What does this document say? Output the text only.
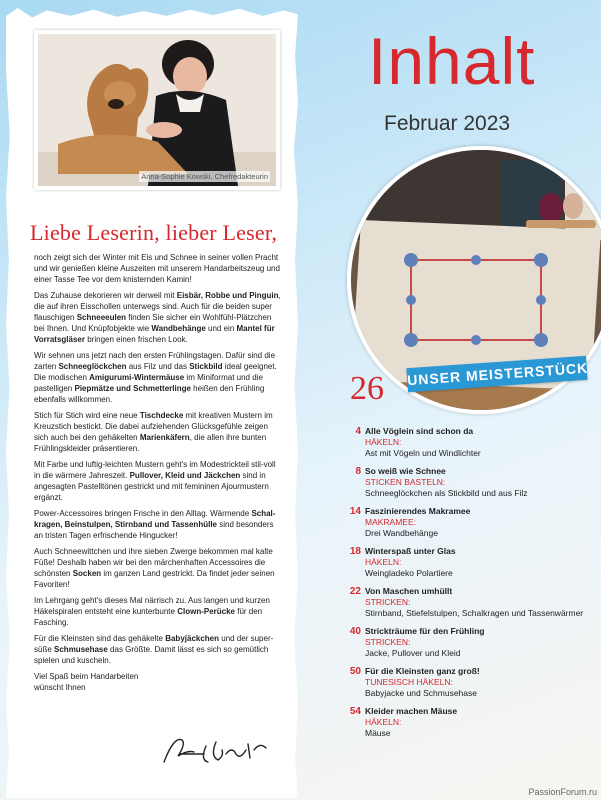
Anna-Sophie Kowski, Chefredakteurin
Liebe Leserin, lieber Leser,

noch zeigt sich der Winter mit Eis und Schnee in seiner vollen Pracht und wir genießen kleine Auszeiten mit unserem Handarbeitszeug und einer Tasse Tee vor dem knisternden Kamin!

Das Zuhause dekorieren wir derweil mit Eisbär, Robbe und Pinguin, die auf ihren Eisschollen unterwegs sind. Auch für die beiden super flauschigen Schneeeulen finden Sie sicher ein Wohlfühl-Plätzchen bei Ihnen. Und Knüpfobjekte wie Wandbehänge und ein Mantel für Vorratsgläser bringen einen frischen Look.

Wir sehnen uns jetzt nach den ersten Frühlingstagen. Dafür sind die zarten Schneeglöckchen aus Filz und das Stickbild ideal geeignet. Die modischen Amigurumi-Wintermäuse im Miniformat und die pastelligen Piepmätze und Schmetterlinge heißen den Frühling ebenfalls willkommen.

Stich für Stich wird eine neue Tischdecke mit kreativen Mustern im Kreuzstich bestickt. Die dabei aufziehenden Glücksgefühle zeigen sich auch bei den gehäkelten Marienkäfern, die allen ihre bunten Frühlingskleider präsentieren.

Mit Farbe und luftig-leichten Mustern geht's im Modestrickteil stil-voll in die wärmere Jahreszeit. Pullover, Kleid und Jäckchen sind in angesagten Pastelltönen gestrickt und mit femininen Ajourmustern ergänzt.

Power-Accessoires bringen Frische in den Alltag. Wärmende Schal-kragen, Beinstulpen, Stirnband und Tassenhülle sind besonders an tristen Tagen erfrischende Hingucker!

Auch Schneewittchen und ihre sieben Zwerge bekommen mal kalte Füße! Deshalb haben wir bei den märchenhaften Accessoires die schönsten Socken im ganzen Land gestrickt. Da findet jeder seinen Favoriten!

Im Lehrgang geht's dieses Mal närrisch zu. Aus langen und kurzen Häkelspiralen entsteht eine kunterbunte Clown-Perücke für den Fasching.

Für die Kleinsten sind das gehäkelte Babyjäckchen und der super-süße Schmusehase das Größte. Damit lässt es sich so gemütlich spielen und kuscheln.

Viel Spaß beim Handarbeiten
wünscht Ihnen

Inhalt
Februar 2023
UNSER MEISTERSTÜCK
26
4 Alle Vöglein sind schon da
HÄKELN:
Ast mit Vögeln und Windlichter
8 So weiß wie Schnee
STICKEN BASTELN:
Schneeglöckchen als Stickbild und aus Filz
14 Faszinierendes Makramee
MAKRAMEE:
Drei Wandbehänge
18 Winterspaß unter Glas
HÄKELN:
Weingladeko Polartiere
22 Von Maschen umhüllt
STRICKEN:
Stirnband, Stiefelstulpen, Schalkragen und Tassenwärmer
40 Strickträume für den Frühling
STRICKEN:
Jacke, Pullover und Kleid
50 Für die Kleinsten ganz groß!
TUNESISCH HÄKELN:
Babyjacke und Schmusehase
54 Kleider machen Mäuse
HÄKELN:
Mäuse
PassionForum.ru
